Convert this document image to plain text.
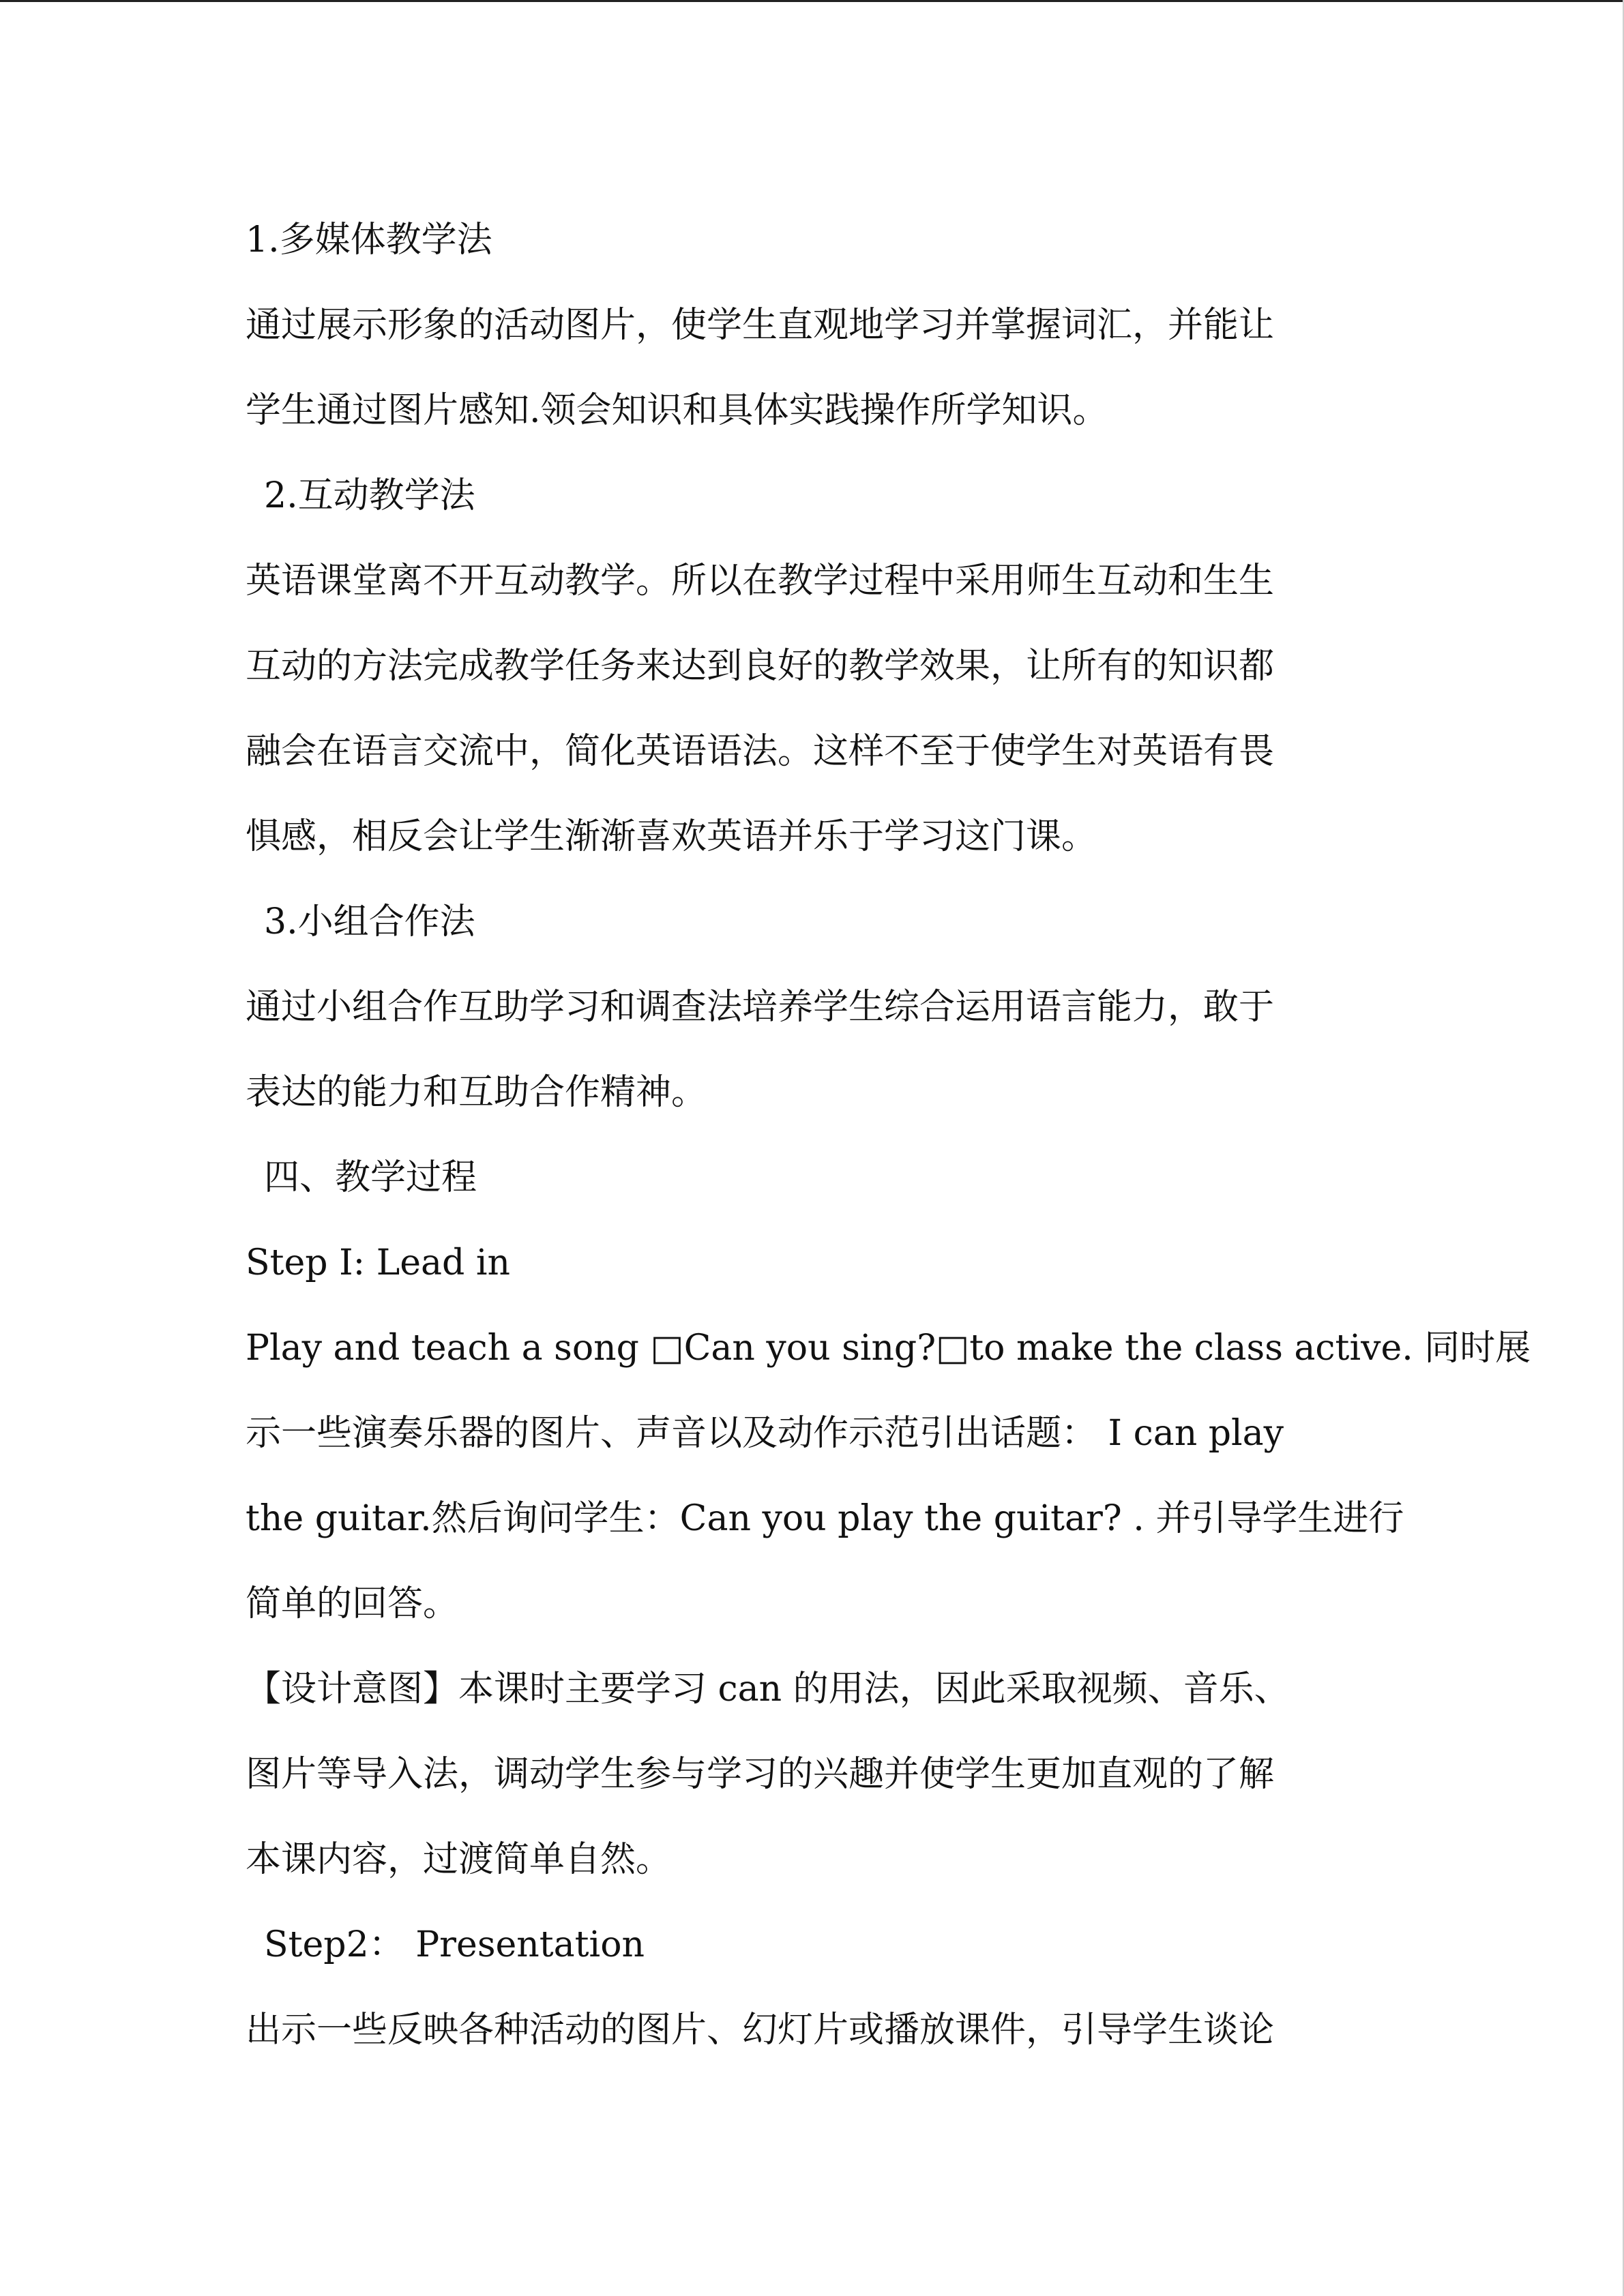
1.多媒体教学法
通过展示形象的活动图片，使学生直观地学习并掌握词汇，并能让
学生通过图片感知.领会知识和具体实践操作所学知识。
2.互动教学法
英语课堂离不开互动教学。所以在教学过程中采用师生互动和生生
互动的方法完成教学任务来达到良好的教学效果，让所有的知识都
融会在语言交流中，简化英语语法。这样不至于使学生对英语有畏
惧感，相反会让学生渐渐喜欢英语并乐于学习这门课。
3.小组合作法
通过小组合作互助学习和调查法培养学生综合运用语言能力，敢于
表达的能力和互助合作精神。
四、教学过程
Step Ⅰ: Lead in
Play and teach a song □Can you sing?□to make the class active. 同时展
示一些演奏乐器的图片、声音以及动作示范引出话题： I can play
the guitar.然后询问学生：Can you play the guitar? . 并引导学生进行
简单的回答。
【设计意图】本课时主要学习 can 的用法，因此采取视频、音乐、
图片等导入法，调动学生参与学习的兴趣并使学生更加直观的了解
本课内容，过渡简单自然。
Step2： Presentation
出示一些反映各种活动的图片、幻灯片或播放课件，引导学生谈论
